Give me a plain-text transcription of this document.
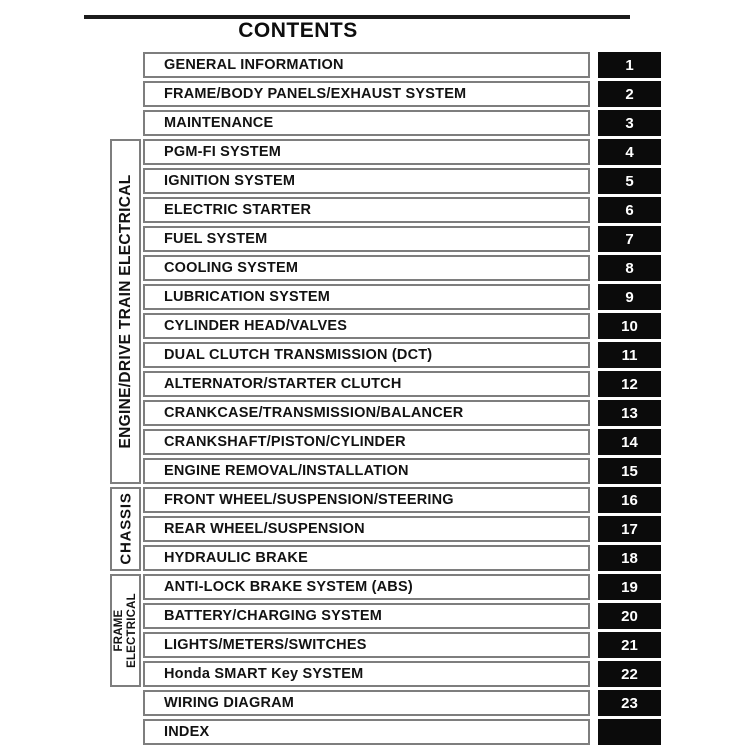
CONTENTS
ENGINE/DRIVE TRAIN ELECTRICAL
CHASSIS
FRAME ELECTRICAL
GENERAL INFORMATION	1
FRAME/BODY PANELS/EXHAUST SYSTEM	2
MAINTENANCE	3
PGM-FI SYSTEM	4
IGNITION SYSTEM	5
ELECTRIC STARTER	6
FUEL SYSTEM	7
COOLING SYSTEM	8
LUBRICATION SYSTEM	9
CYLINDER HEAD/VALVES	10
DUAL CLUTCH TRANSMISSION (DCT)	11
ALTERNATOR/STARTER CLUTCH	12
CRANKCASE/TRANSMISSION/BALANCER	13
CRANKSHAFT/PISTON/CYLINDER	14
ENGINE REMOVAL/INSTALLATION	15
FRONT WHEEL/SUSPENSION/STEERING	16
REAR WHEEL/SUSPENSION	17
HYDRAULIC BRAKE	18
ANTI-LOCK BRAKE SYSTEM (ABS)	19
BATTERY/CHARGING SYSTEM	20
LIGHTS/METERS/SWITCHES	21
Honda SMART Key SYSTEM	22
WIRING DIAGRAM	23
INDEX
